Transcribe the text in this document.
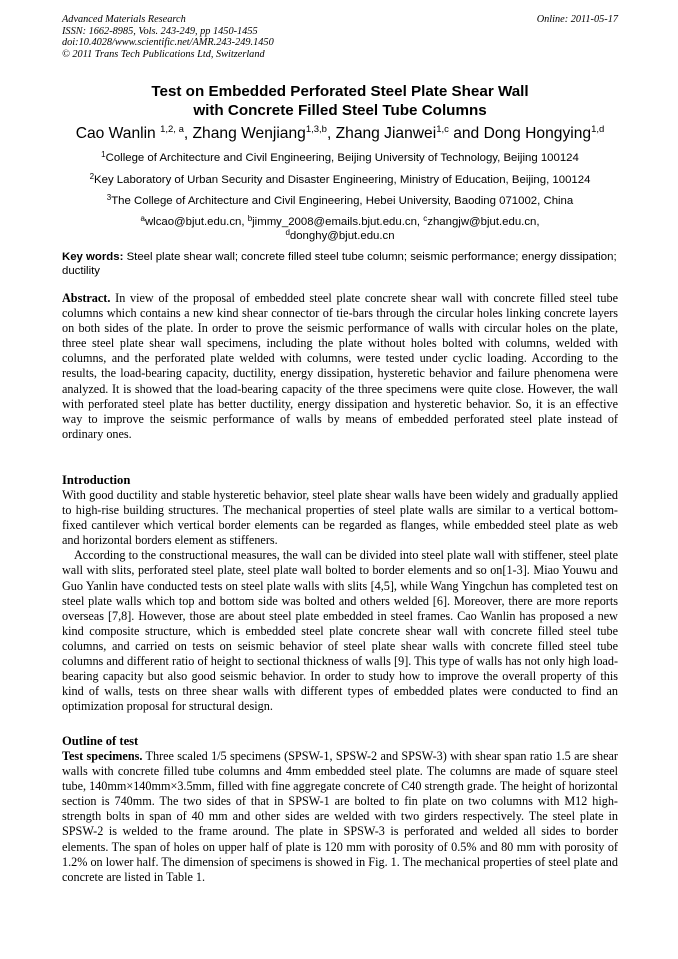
Advanced Materials Research
ISSN: 1662-8985, Vols. 243-249, pp 1450-1455
doi:10.4028/www.scientific.net/AMR.243-249.1450
© 2011 Trans Tech Publications Ltd, Switzerland
Online: 2011-05-17
Test on Embedded Perforated Steel Plate Shear Wall
with Concrete Filled Steel Tube Columns
Cao Wanlin $^{1,2, a}$, Zhang Wenjiang$^{1,3,b}$, Zhang Jianwei$^{1,c}$ and Dong Hongying$^{1,d}$
$^1$College of Architecture and Civil Engineering, Beijing University of Technology, Beijing 100124
$^2$Key Laboratory of Urban Security and Disaster Engineering, Ministry of Education, Beijing, 100124
$^3$The College of Architecture and Civil Engineering, Hebei University, Baoding 071002, China
$^a$wlcao@bjut.edu.cn, $^b$jimmy_2008@emails.bjut.edu.cn, $^c$zhangjw@bjut.edu.cn,
$^d$donghy@bjut.edu.cn
Key words: Steel plate shear wall; concrete filled steel tube column; seismic performance; energy dissipation; ductility

Abstract. In view of the proposal of embedded steel plate concrete shear wall with concrete filled steel tube columns which contains a new kind shear connector of tie-bars through the circular holes linking concrete layers on both sides of the plate. In order to prove the seismic performance of walls with circular holes on the plate, three steel plate shear wall specimens, including the plate without holes bolted with columns, welded with columns, and the perforated plate welded with columns, were tested under cyclic loading. According to the results, the load-bearing capacity, ductility, energy dissipation, hysteretic behavior and failure phenomena were analyzed. It is showed that the load-bearing capacity of the three specimens were quite close. However, the wall with perforated steel plate has better ductility, energy dissipation and hysteretic behavior. So, it is an effective way to improve the seismic performance of walls by means of embedded perforated steel plate instead of ordinary ones.

Introduction

With good ductility and stable hysteretic behavior, steel plate shear walls have been widely and gradually applied to high-rise building structures. The mechanical properties of steel plate walls are similar to a vertical bottom-fixed cantilever which vertical border elements can be regarded as flanges, while embedded steel plate as web and horizontal borders element as stiffeners.

According to the constructional measures, the wall can be divided into steel plate wall with stiffener, steel plate wall with slits, perforated steel plate, steel plate wall bolted to border elements and so on[1-3]. Miao Youwu and Guo Yanlin have conducted tests on steel plate walls with slits [4,5], while Wang Yingchun has completed test on steel plate walls which top and bottom side was bolted and others welded [6]. Moreover, there are more reports overseas [7,8]. However, those are about steel plate embedded in steel frames. Cao Wanlin has proposed a new kind composite structure, which is embedded steel plate concrete shear wall with concrete filled steel tube columns, and carried on tests on seismic behavior of steel plate shear walls with concrete filled steel tube columns and different ratio of height to sectional thickness of walls [9]. This type of walls has not only high load-bearing capacity but also good seismic behavior. In order to study how to improve the overall property of this kind of walls, tests on three shear walls with different types of embedded plates were conducted to find an optimization proposal for structural design.

Outline of test

Test specimens. Three scaled 1/5 specimens (SPSW-1, SPSW-2 and SPSW-3) with shear span ratio 1.5 are shear walls with concrete filled tube columns and 4mm embedded steel plate. The columns are made of square steel tube, 140mm×140mm×3.5mm, filled with fine aggregate concrete of C40 strength grade. The height of horizontal section is 740mm. The two sides of that in SPSW-1 are bolted to fin plate on two columns with M12 high-strength bolts in span of 40 mm and other sides are welded with two girders respectively. The steel plate in SPSW-2 is welded to the frame around. The plate in SPSW-3 is perforated and welded all sides to border elements. The span of holes on upper half of plate is 120 mm with porosity of 0.5% and 80 mm with porosity of 1.2% on lower half. The dimension of specimens is showed in Fig. 1. The mechanical properties of steel plate and concrete are listed in Table 1.
